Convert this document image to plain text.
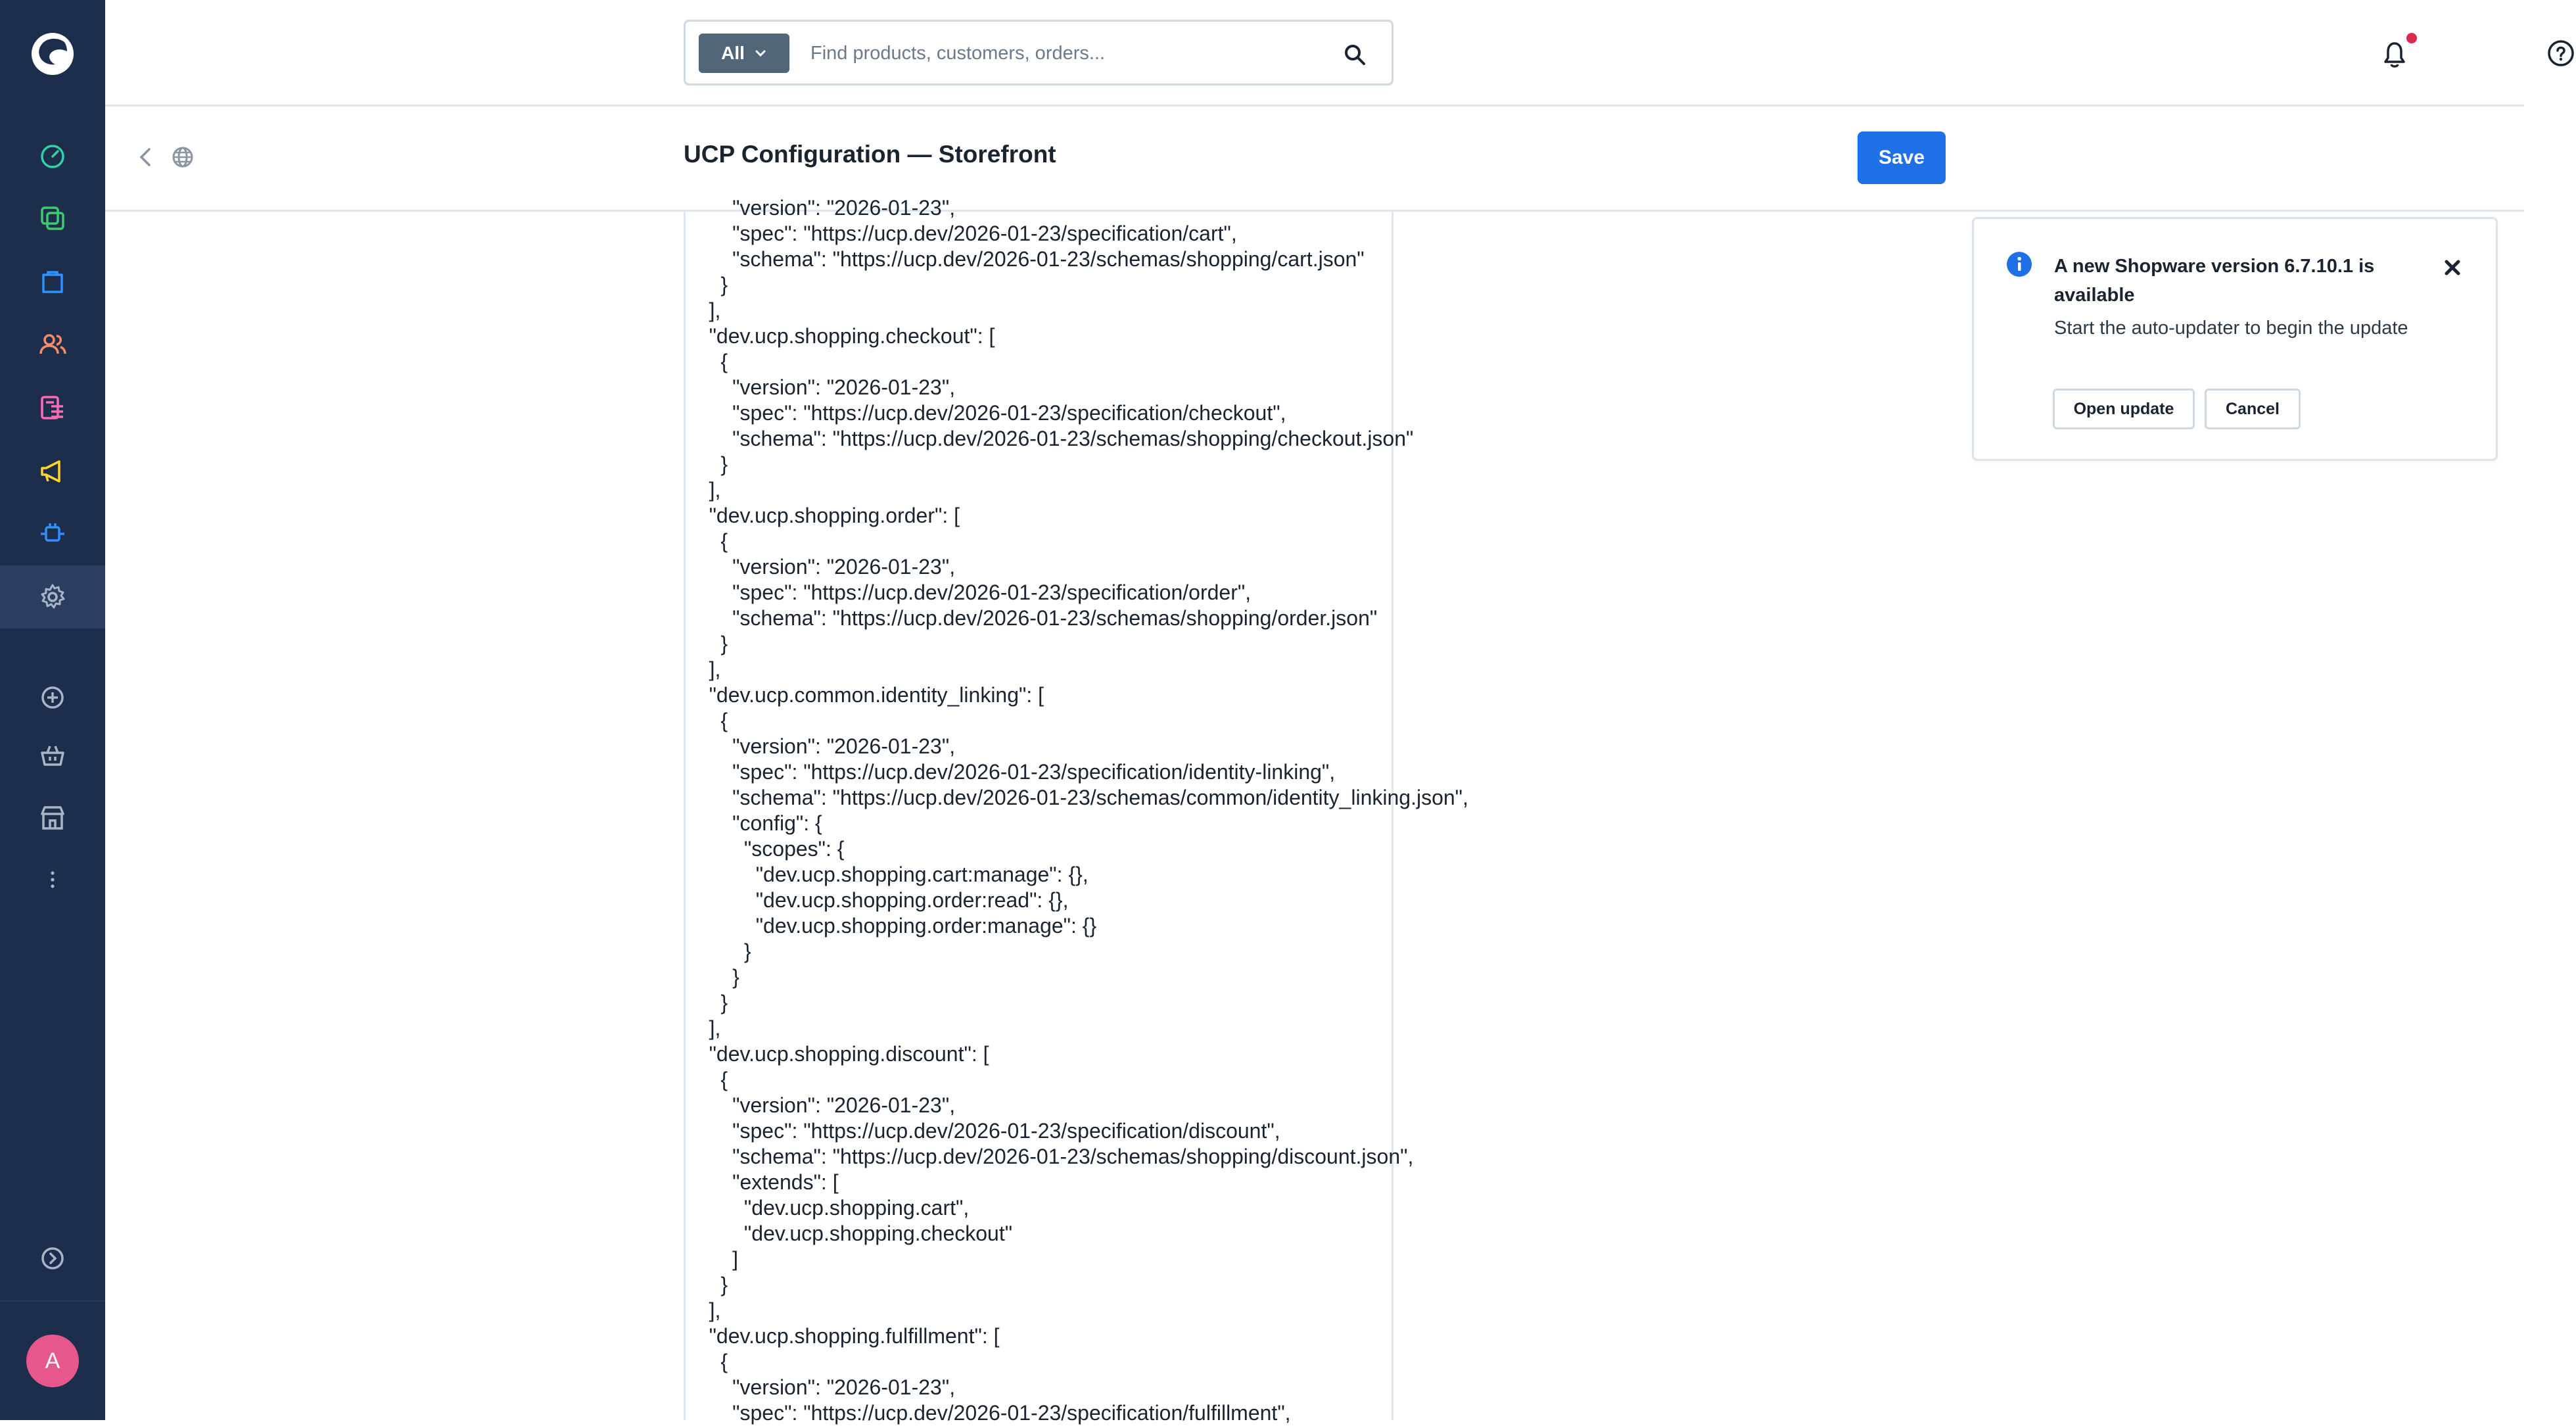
A
All
Find products, customers, orders...
UCP Configuration — Storefront	Save
"version": "2026-01-23",
"spec": "https://ucp.dev/2026-01-23/specification/cart",
"schema": "https://ucp.dev/2026-01-23/schemas/shopping/cart.json"
}
],
"dev.ucp.shopping.checkout": [
{
"version": "2026-01-23",
"spec": "https://ucp.dev/2026-01-23/specification/checkout",
"schema": "https://ucp.dev/2026-01-23/schemas/shopping/checkout.json"
}
],
"dev.ucp.shopping.order": [
{
"version": "2026-01-23",
"spec": "https://ucp.dev/2026-01-23/specification/order",
"schema": "https://ucp.dev/2026-01-23/schemas/shopping/order.json"
}
],
"dev.ucp.common.identity_linking": [
{
"version": "2026-01-23",
"spec": "https://ucp.dev/2026-01-23/specification/identity-linking",
"schema": "https://ucp.dev/2026-01-23/schemas/common/identity_linking.json",
"config": {
"scopes": {
"dev.ucp.shopping.cart:manage": {},
"dev.ucp.shopping.order:read": {},
"dev.ucp.shopping.order:manage": {}
}
}
}
],
"dev.ucp.shopping.discount": [
{
"version": "2026-01-23",
"spec": "https://ucp.dev/2026-01-23/specification/discount",
"schema": "https://ucp.dev/2026-01-23/schemas/shopping/discount.json",
"extends": [
"dev.ucp.shopping.cart",
"dev.ucp.shopping.checkout"
]
}
],
"dev.ucp.shopping.fulfillment": [
{
"version": "2026-01-23",
"spec": "https://ucp.dev/2026-01-23/specification/fulfillment",
A new Shopware version 6.7.10.1 is available
Start the auto-updater to begin the update
Open update	Cancel
